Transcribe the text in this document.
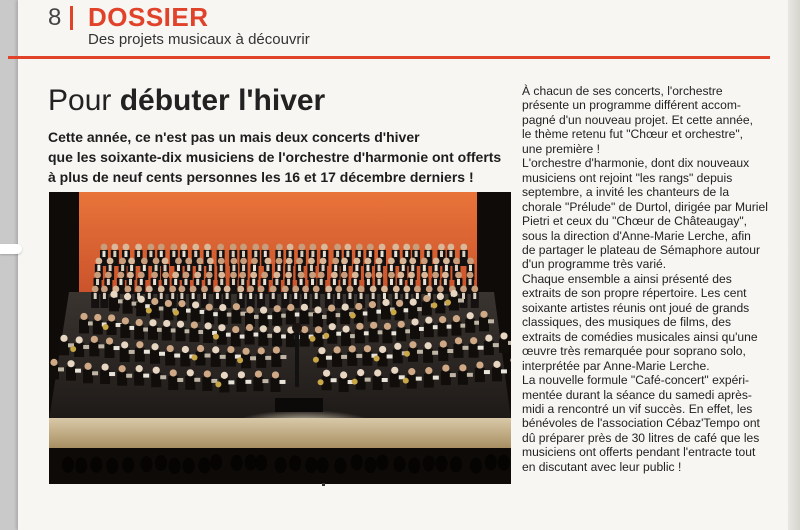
8 DOSSIER
Des projets musicaux à découvrir
Pour débuter l'hiver
Cette année, ce n'est pas un mais deux concerts d'hiver
que les soixante-dix musiciens de l'orchestre d'harmonie ont offerts
à plus de neuf cents personnes les 16 et 17 décembre derniers !
À chacun de ses concerts, l'orchestre
présente un programme différent accom-
pagné d'un nouveau projet. Et cette année,
le thème retenu fut "Chœur et orchestre",
une première !
L'orchestre d'harmonie, dont dix nouveaux
musiciens ont rejoint "les rangs" depuis
septembre, a invité les chanteurs de la
chorale "Prélude" de Durtol, dirigée par Muriel
Pietri et ceux du "Chœur de Châteaugay",
sous la direction d'Anne-Marie Lerche, afin
de partager le plateau de Sémaphore autour
d'un programme très varié.
Chaque ensemble a ainsi présenté des
extraits de son propre répertoire. Les cent
soixante artistes réunis ont joué de grands
classiques, des musiques de films, des
extraits de comédies musicales ainsi qu'une
œuvre très remarquée pour soprano solo,
interprétée par Anne-Marie Lerche.
La nouvelle formule "Café-concert" expéri-
mentée durant la séance du samedi après-
midi a rencontré un vif succès. En effet, les
bénévoles de l'association Cébaz'Tempo ont
dû préparer près de 30 litres de café que les
musiciens ont offerts pendant l'entracte tout
en discutant avec leur public !
